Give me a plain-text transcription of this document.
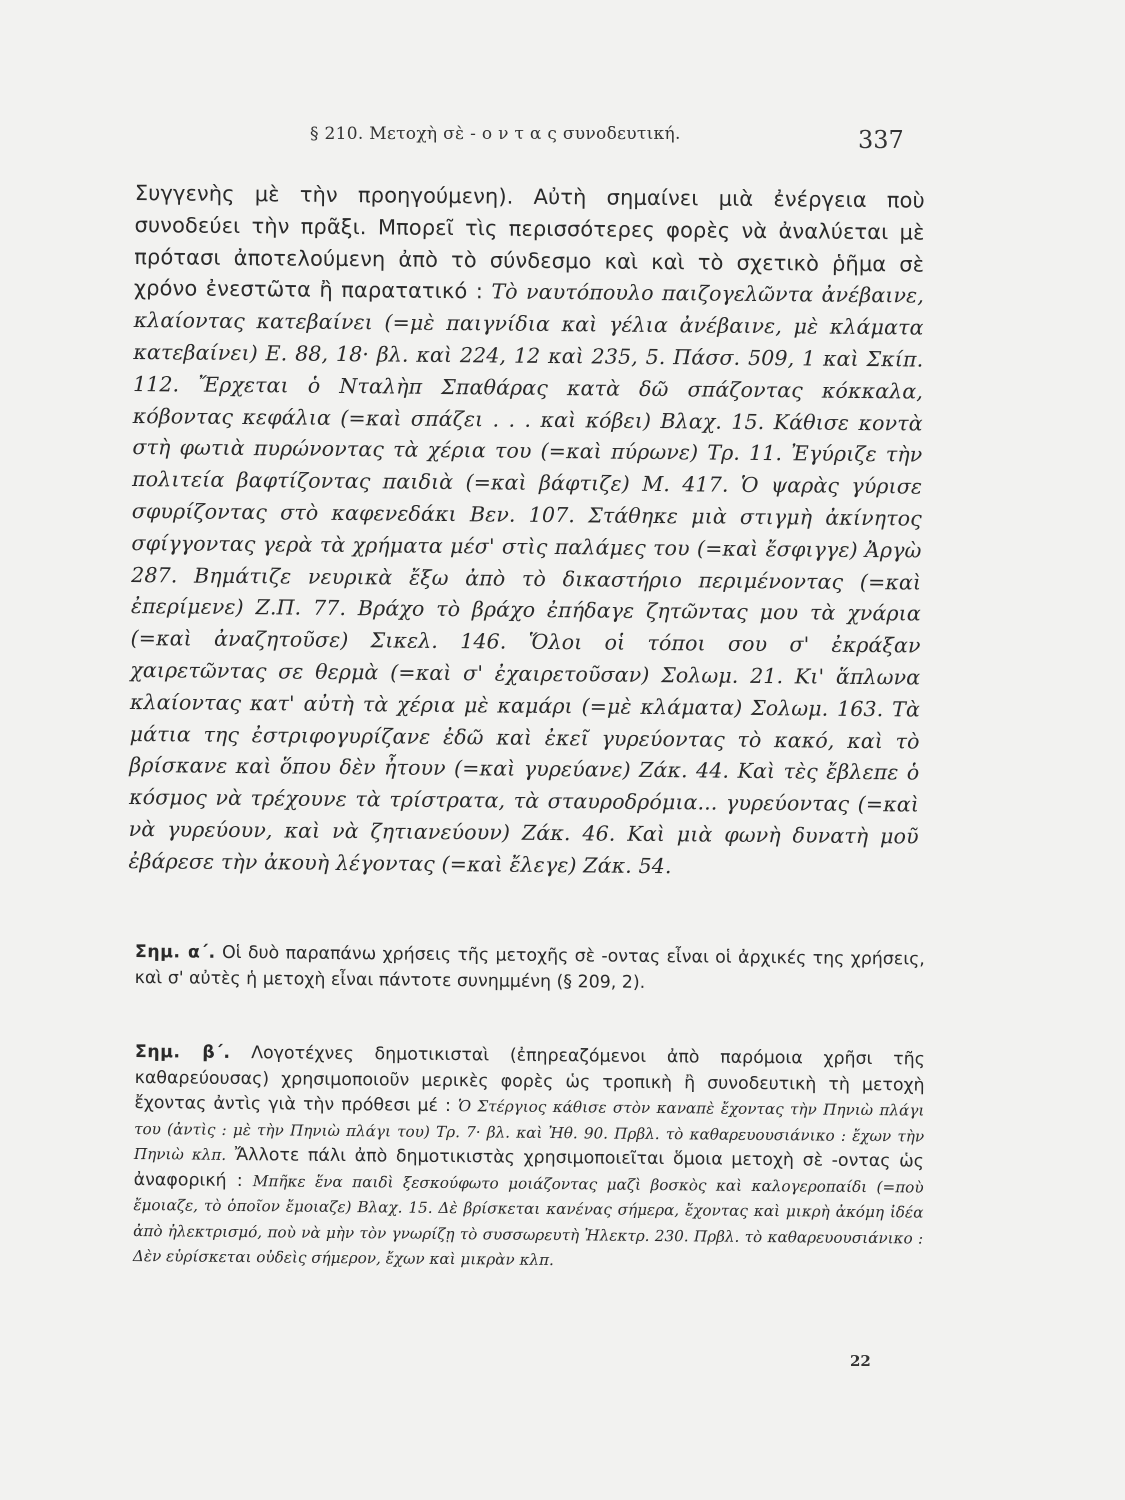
§ 210. Μετοχὴ σὲ - ο ν τ α ς συνοδευτική.	337

Συγγενὴς μὲ τὴν προηγούμενη). Αὐτὴ σημαίνει μιὰ ἐνέργεια ποὺ συνοδεύει τὴν πρᾶξι. Μπορεῖ τὶς περισσότερες φορὲς νὰ ἀναλύεται μὲ πρότασι ἀποτελούμενη ἀπὸ τὸ σύνδεσμο καὶ καὶ τὸ σχετικὸ ῥῆμα σὲ χρόνο ἐνεστῶτα ἢ παρατατικό : Τὸ ναυτόπουλο παιζογελῶντα ἀνέβαινε, κλαίοντας κατεβαίνει (=μὲ παιγνίδια καὶ γέλια ἀνέβαινε, μὲ κλάματα κατεβαίνει) Ε. 88, 18· βλ. καὶ 224, 12 καὶ 235, 5. Πάσσ. 509, 1 καὶ Σκίπ. 112. Ἔρχεται ὁ Νταλὴπ Σπαθάρας κατὰ δῶ σπάζοντας κόκκαλα, κόβοντας κεφάλια (=καὶ σπάζει . . . καὶ κόβει) Βλαχ. 15. Κάθισε κοντὰ στὴ φωτιὰ πυρώνοντας τὰ χέρια του (=καὶ πύρωνε) Τρ. 11. Ἐγύριζε τὴν πολιτεία βαφτίζοντας παιδιὰ (=καὶ βάφτιζε) Μ. 417. Ὁ ψαρὰς γύρισε σφυρίζοντας στὸ καφενεδάκι Βεν. 107. Στάθηκε μιὰ στιγμὴ ἀκίνητος σφίγγοντας γερὰ τὰ χρήματα μέσ' στὶς παλάμες του (=καὶ ἔσφιγγε) Ἀργὼ 287. Βημάτιζε νευρικὰ ἔξω ἀπὸ τὸ δικαστήριο περιμένοντας (=καὶ ἐπερίμενε) Ζ.Π. 77. Βράχο τὸ βράχο ἐπήδαγε ζητῶντας μου τὰ χνάρια (=καὶ ἀναζητοῦσε) Σικελ. 146. Ὅλοι οἱ τόποι σου σ' ἐκράξαν χαιρετῶντας σε θερμὰ (=καὶ σ' ἐχαιρετοῦσαν) Σολωμ. 21. Κι' ἅπλωνα κλαίοντας κατ' αὐτὴ τὰ χέρια μὲ καμάρι (=μὲ κλάματα) Σολωμ. 163. Τὰ μάτια της ἐστριφογυρίζανε ἐδῶ καὶ ἐκεῖ γυρεύοντας τὸ κακό, καὶ τὸ βρίσκανε καὶ ὅπου δὲν ἦτουν (=καὶ γυρεύανε) Ζάκ. 44. Καὶ τὲς ἔβλεπε ὁ κόσμος νὰ τρέχουνε τὰ τρίστρατα, τὰ σταυροδρόμια... γυρεύοντας (=καὶ νὰ γυρεύουν, καὶ νὰ ζητιανεύουν) Ζάκ. 46. Καὶ μιὰ φωνὴ δυνατὴ μοῦ ἐβάρεσε τὴν ἀκουὴ λέγοντας (=καὶ ἔλεγε) Ζάκ. 54.

Σημ. α΄. Οἱ δυὸ παραπάνω χρήσεις τῆς μετοχῆς σὲ -οντας εἶναι οἱ ἀρχικές της χρήσεις, καὶ σ' αὐτὲς ἡ μετοχὴ εἶναι πάντοτε συνημμένη (§ 209, 2).
Σημ. β΄. Λογοτέχνες δημοτικισταὶ (ἐπηρεαζόμενοι ἀπὸ παρόμοια χρῆσι τῆς καθαρεύουσας) χρησιμοποιοῦν μερικὲς φορὲς ὡς τροπικὴ ἢ συνοδευτικὴ τὴ μετοχὴ ἔχοντας ἀντὶς γιὰ τὴν πρόθεσι μέ : Ὁ Στέργιος κάθισε στὸν καναπὲ ἔχοντας τὴν Πηνιὼ πλάγι του (ἀντὶς : μὲ τὴν Πηνιὼ πλάγι του) Τρ. 7· βλ. καὶ Ἠθ. 90. Πρβλ. τὸ καθαρευουσιάνικο : ἔχων τὴν Πηνιὼ κλπ. Ἄλλοτε πάλι ἀπὸ δημοτικιστὰς χρησιμοποιεῖται ὅμοια μετοχὴ σὲ -οντας ὡς ἀναφορική : Μπῆκε ἕνα παιδὶ ξεσκούφωτο μοιάζοντας μαζὶ βοσκὸς καὶ καλογεροπαίδι (=ποὺ ἔμοιαζε, τὸ ὁποῖον ἔμοιαζε) Βλαχ. 15. Δὲ βρίσκεται κανένας σήμερα, ἔχοντας καὶ μικρὴ ἀκόμη ἰδέα ἀπὸ ἠλεκτρισμό, ποὺ νὰ μὴν τὸν γνωρίζῃ τὸ συσσωρευτὴ Ἠλεκτρ. 230. Πρβλ. τὸ καθαρευουσιάνικο : Δὲν εὑρίσκεται οὐδεὶς σήμερον, ἔχων καὶ μικρὰν κλπ.
22
